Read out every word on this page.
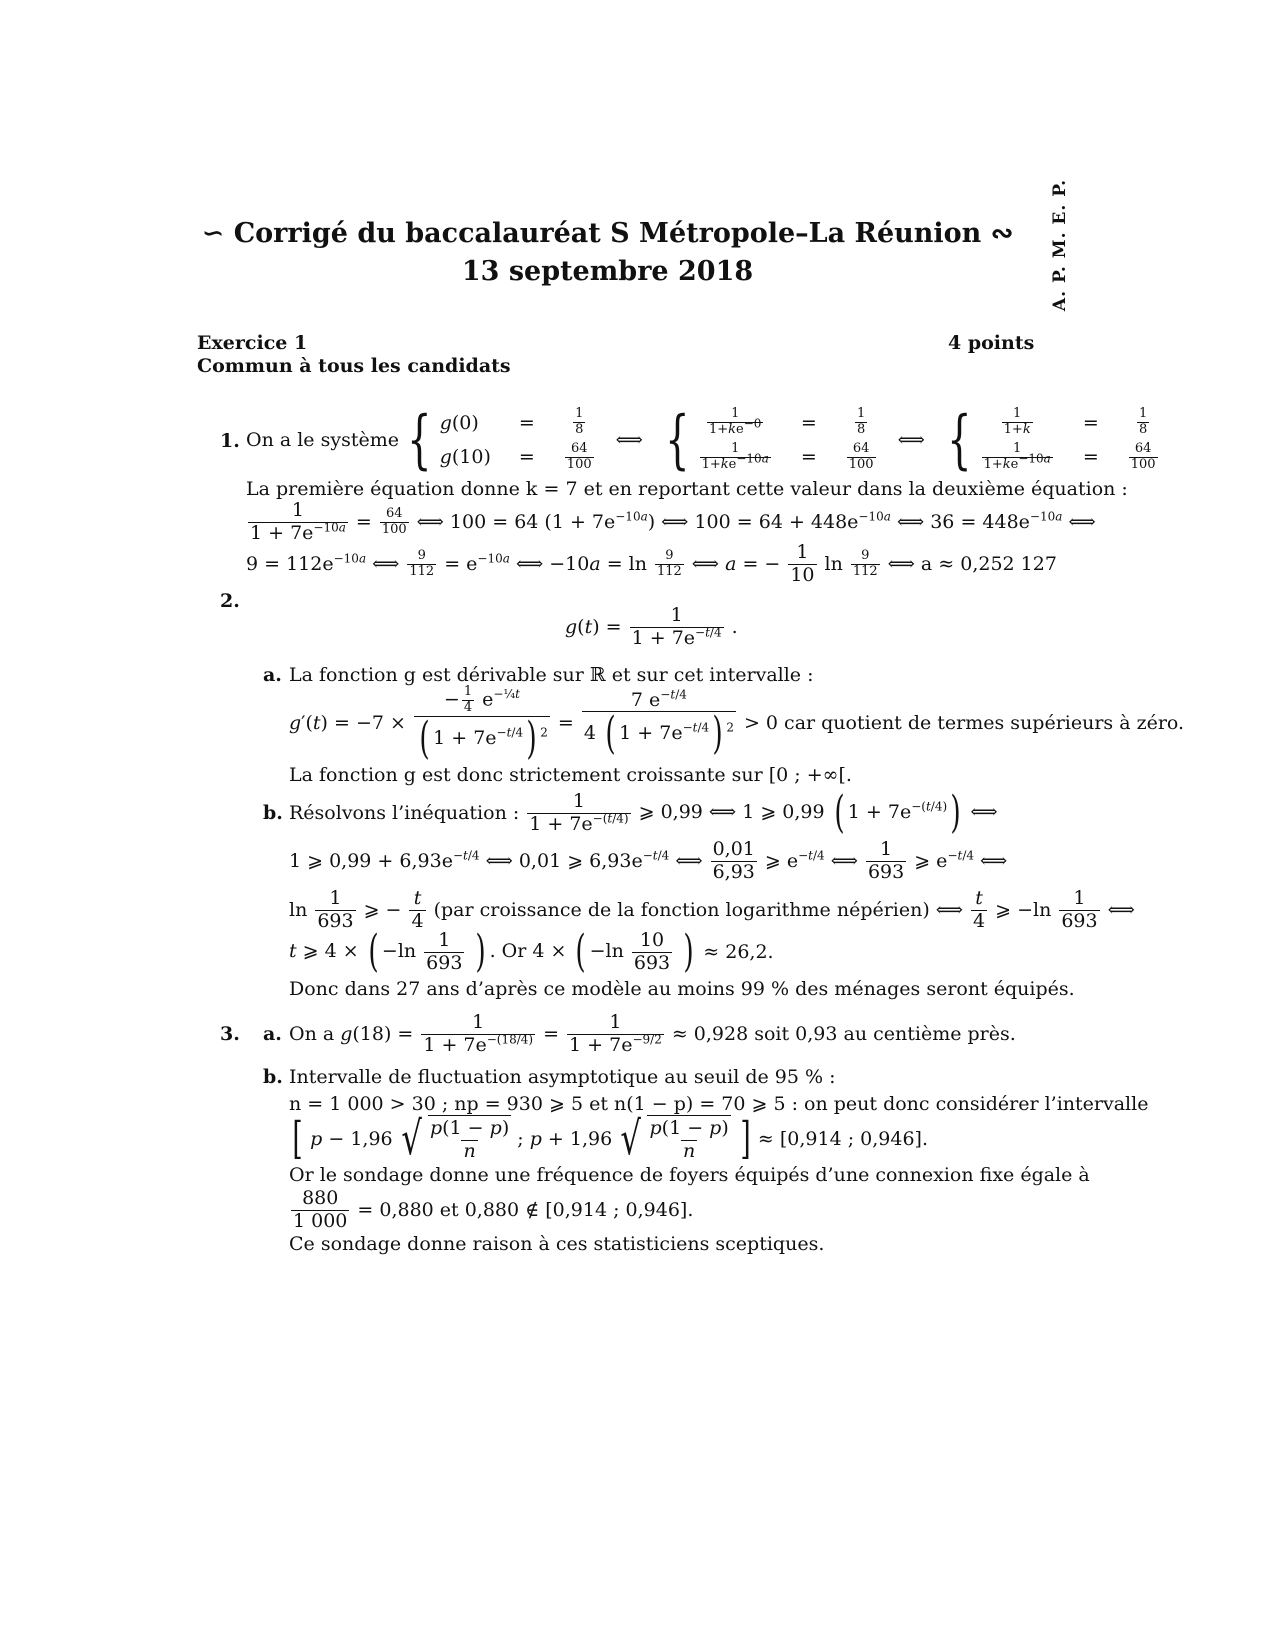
∽ Corrigé du baccalauréat S Métropole–La Réunion ∾
13 septembre 2018	A. P. M. E. P.
Exercice 1	4 points
Commun à tous les candidats
1. On a le système { g(0)	= $\frac{1}{8}$
$g(10) = \frac{64}{100}$
⟺ { $\frac{1}{1+ke^{-0}} = \frac{1}{8}$
$\frac{1}{1+ke^{-10a}} = \frac{64}{100}$
⟺ { $\frac{1}{1+k} = \frac{1}{8}$
$\frac{1}{1+ke^{-10a}} = \frac{64}{100}$
La première équation donne k = 7 et en reportant cette valeur dans la deuxième équation :
$\frac{1}{1 + 7e^{-10a}} = \frac{64}{100}$ ⟺ 100 = 64 $(1 + 7e^{-10a})$ ⟺ $100 = 64 + 448e^{-10a}$ ⟺ $36 = 448e^{-10a}$ ⟺
$9 = 112e^{-10a}$ ⟺ $\frac{9}{112} = e^{-10a}$ ⟺ $-10a = \ln \frac{9}{112}$ ⟺ a = − $\frac{1}{10}$ $\ln \frac{9}{112}$ ⟺ a ≈ 0,252 127
2.
$g(t) = \frac{1}{1 + 7e^{-t/4}}$ .
a. La fonction g est dérivable sur ℝ et sur cet intervalle :
$g'(t) = -7 \times \frac{- \frac{1}{4} e^{-\frac{1}{4}t}}{( 1 + 7e^{-t/4}) ^2} = \frac{7 e^{-t/4}}{4 ( 1 + 7e^{-t/4}) ^2} > 0$ car quotient de termes supérieurs à zéro.
La fonction g est donc strictement croissante sur [0 ; +∞[.
b. Résolvons l’inéquation : $\frac{1}{1 + 7e^{-(t/4)}}$ ⩾ 0,99 ⟺ 1 ⩾ 0,99 ( $1 + 7e^{-(t/4)}$) ⟺
1 ⩾ $0,99 + 6,93e^{-t/4}$ ⟺ 0,01 ⩾ $6,93e^{-t/4}$ ⟺ $\frac{0,01}{6,93}$ ⩾ $e^{-t/4}$ ⟺ $\frac{1}{693}$ ⩾ $e^{-t/4}$ ⟺
$\ln \frac{1}{693}$ ⩾ − $\frac{t}{4} (par$ croissance de la fonction logarithme népérien) ⟺ $\frac{t}{4}$ ⩾ $-\ln \frac{1}{693}$ ⟺
t ⩾ 4 × ( $-\ln \frac{1}{693}$ ) . Or 4 × ( $-\ln \frac{10}{693}$ ) ≈ 26,2.
Donc dans 27 ans d’après ce modèle au moins 99 % des ménages seront équipés.
3. a. On a $g(18) = \frac{1}{1 + 7e^{-(18/4)}} = \frac{1}{1 + 7e^{-9/2}} \approx 0,928$ soit 0,93 au centième près.
b. Intervalle de fluctuation asymptotique au seuil de 95 % :
n = 1 000 > 30 ; np = 930 ⩾ 5 et n(1 − p) = 70 ⩾ 5 : on peut donc considérer l’intervalle
[ p − 1,96 √ $\frac{p(1 - p)}{n}$ ; p + 1,96 √ $\frac{p(1 - p)}{n}$ ] ≈ [0,914 ; 0,946].
Or le sondage donne une fréquence de foyers équipés d’une connexion fixe égale à
$\frac{880}{1 000} = 0,880$ et 0,880 ∉ [0,914 ; 0,946].
Ce sondage donne raison à ces statisticiens sceptiques.
